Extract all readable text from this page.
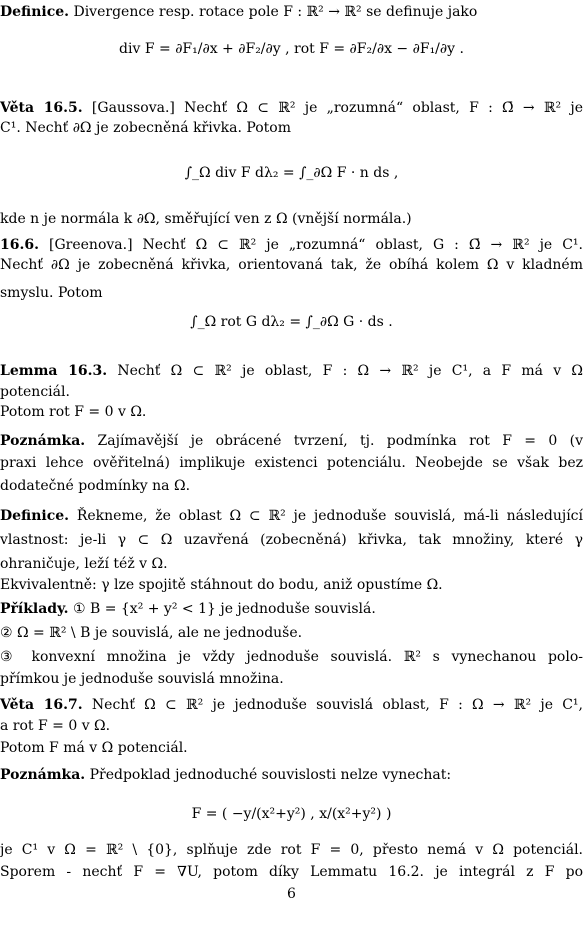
Definice. Divergence resp. rotace pole F : ℝ² → ℝ² se definuje jako
div F = ∂F₁/∂x + ∂F₂/∂y , rot F = ∂F₂/∂x − ∂F₁/∂y .
Věta 16.5. [Gaussova.] Nechť Ω ⊂ ℝ² je „rozumná“ oblast, F : Ω̄ → ℝ² je
C¹. Nechť ∂Ω je zobecněná křivka. Potom
∫_Ω div F dλ₂ = ∫_∂Ω F · n ds ,
kde n je normála k ∂Ω, směřující ven z Ω (vnější normála.)
16.6. [Greenova.] Nechť Ω ⊂ ℝ² je „rozumná“ oblast, G : Ω̄ → ℝ² je C¹.
Nechť ∂Ω je zobecněná křivka, orientovaná tak, že obíhá kolem Ω v kladném
smyslu. Potom
∫_Ω rot G dλ₂ = ∫_∂Ω G · ds .
Lemma 16.3. Nechť Ω ⊂ ℝ² je oblast, F : Ω → ℝ² je C¹, a F má v Ω
potenciál.
Potom rot F = 0 v Ω.
Poznámka. Zajímavější je obrácené tvrzení, tj. podmínka rot F = 0 (v
praxi lehce ověřitelná) implikuje existenci potenciálu. Neobejde se však bez
dodatečné podmínky na Ω.
Definice. Řekneme, že oblast Ω ⊂ ℝ² je jednoduše souvislá, má-li následující
vlastnost: je-li γ ⊂ Ω uzavřená (zobecněná) křivka, tak množiny, které γ
ohraničuje, leží též v Ω.
Ekvivalentně: γ lze spojitě stáhnout do bodu, aniž opustíme Ω.
Příklady. ① B = {x² + y² < 1} je jednoduše souvislá.
② Ω = ℝ² \ B je souvislá, ale ne jednoduše.
③ konvexní množina je vždy jednoduše souvislá. ℝ² s vynechanou polo-
přímkou je jednoduše souvislá množina.
Věta 16.7. Nechť Ω ⊂ ℝ² je jednoduše souvislá oblast, F : Ω → ℝ² je C¹,
a rot F = 0 v Ω.
Potom F má v Ω potenciál.
Poznámka. Předpoklad jednoduché souvislosti nelze vynechat:
F = ( −y/(x²+y²) , x/(x²+y²) )
je C¹ v Ω = ℝ² \ {0}, splňuje zde rot F = 0, přesto nemá v Ω potenciál.
Sporem - nechť F = ∇U, potom díky Lemmatu 16.2. je integrál z F po
6
